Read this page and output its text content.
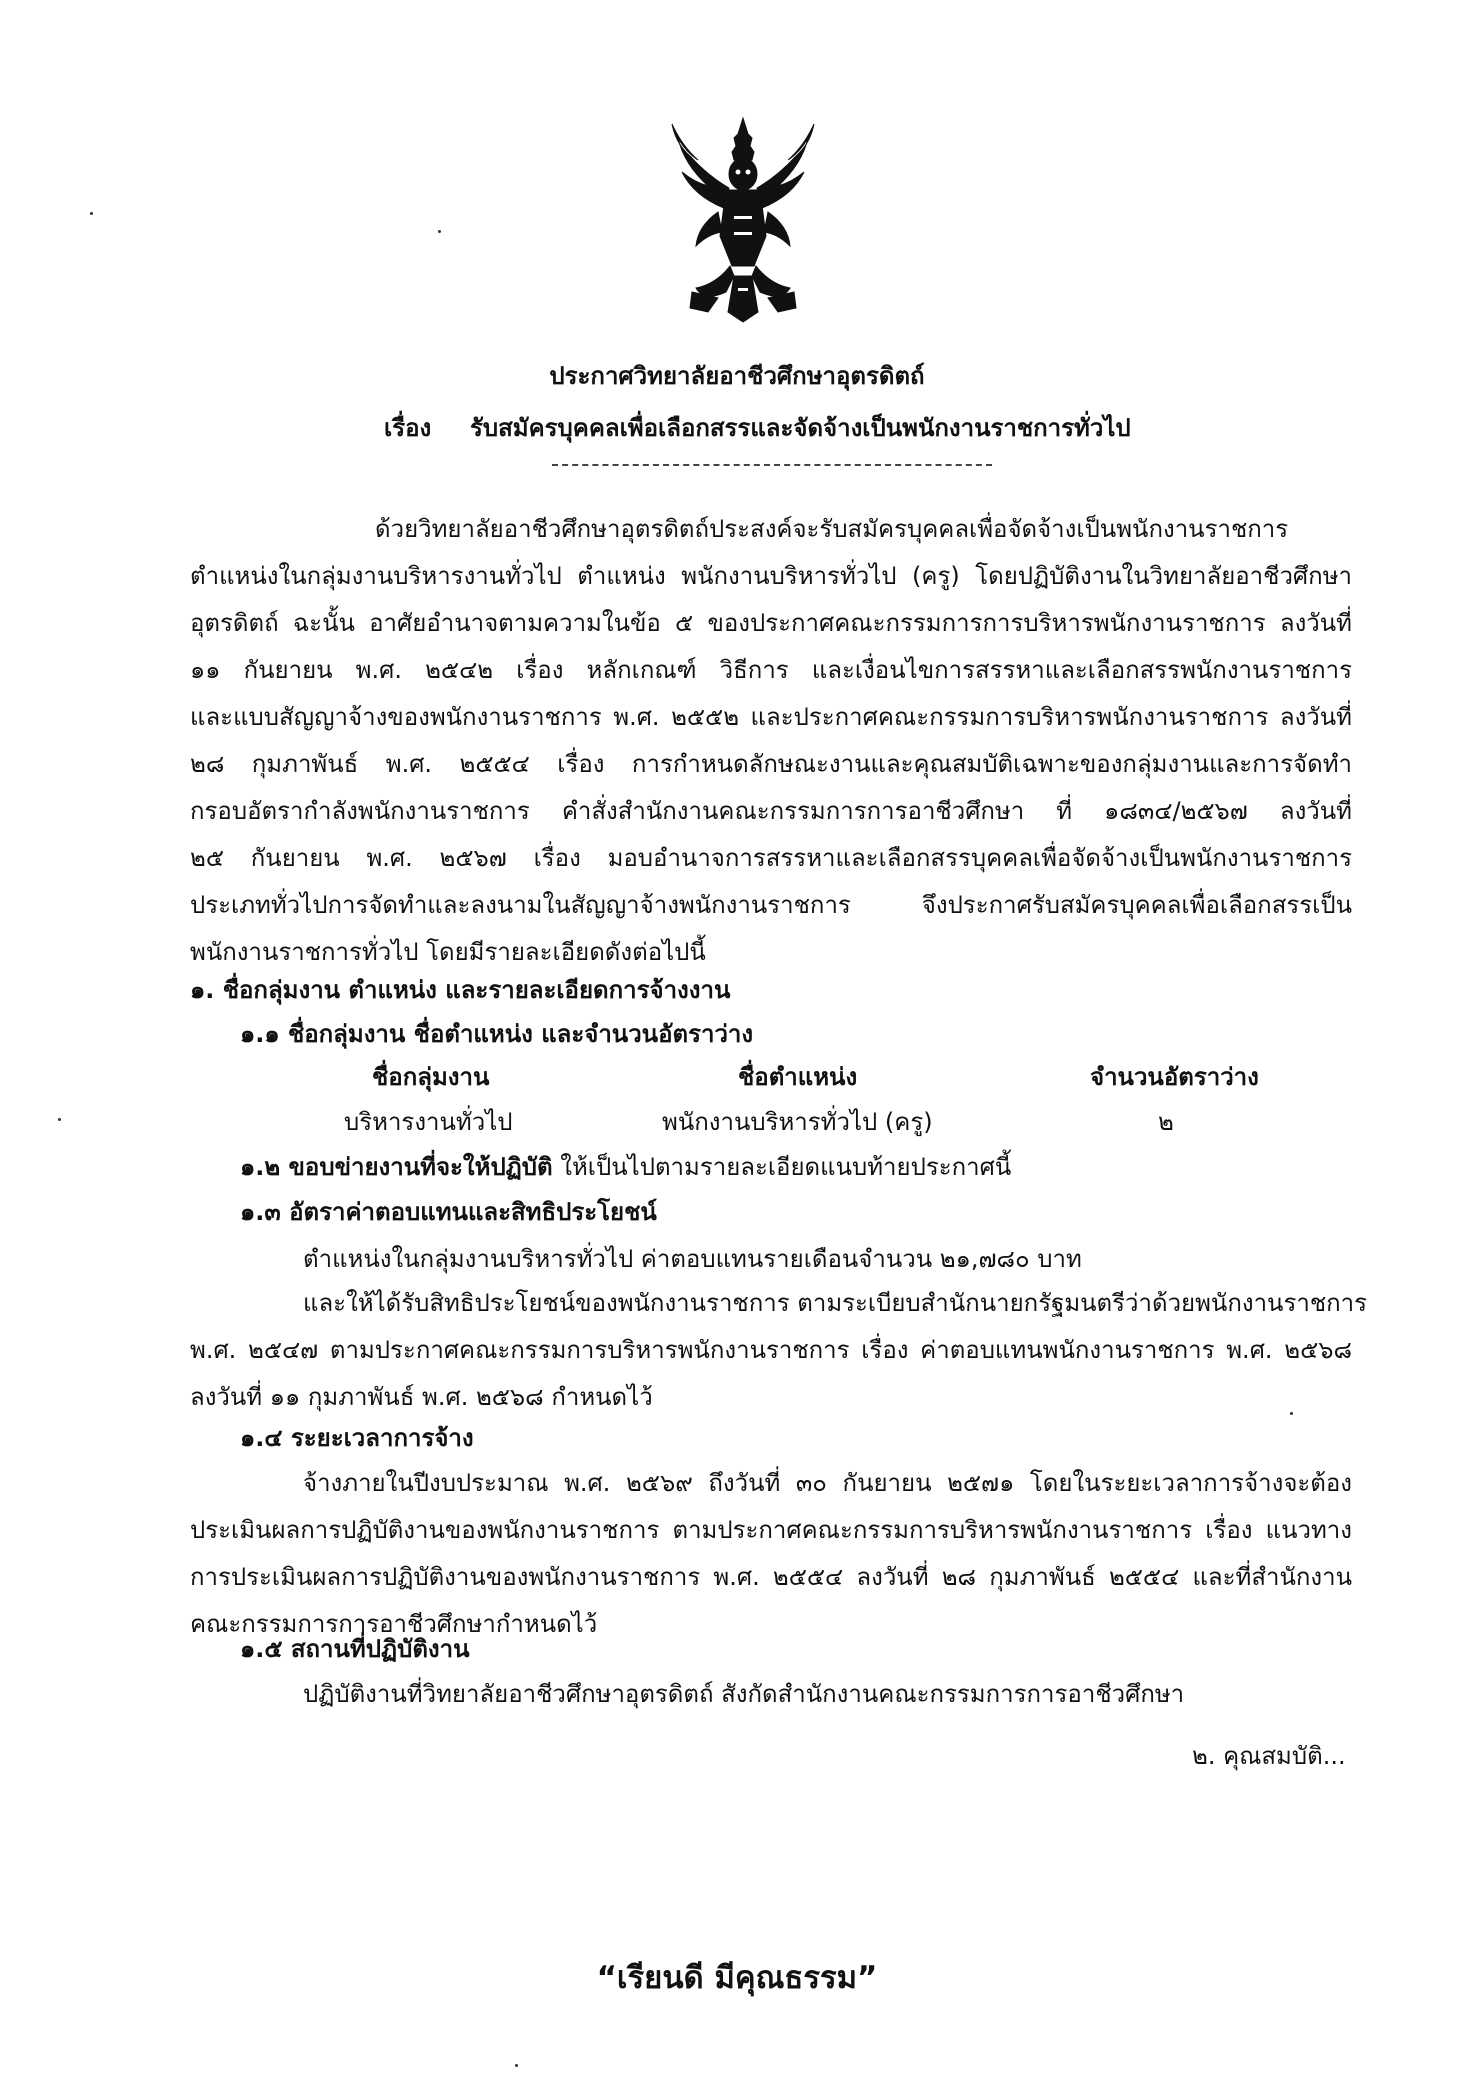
ประกาศวิทยาลัยอาชีวศึกษาอุตรดิตถ์
เรื่อง รับสมัครบุคคลเพื่อเลือกสรรและจัดจ้างเป็นพนักงานราชการทั่วไป

ด้วยวิทยาลัยอาชีวศึกษาอุตรดิตถ์ประสงค์จะรับสมัครบุคคลเพื่อจัดจ้างเป็นพนักงานราชการ

ตำแหน่งในกลุ่มงานบริหารงานทั่วไป ตำแหน่ง พนักงานบริหารทั่วไป (ครู) โดยปฏิบัติงานในวิทยาลัยอาชีวศึกษา

อุตรดิตถ์ ฉะนั้น อาศัยอำนาจตามความในข้อ ๕ ของประกาศคณะกรรมการการบริหารพนักงานราชการ ลงวันที่

๑๑ กันยายน พ.ศ. ๒๕๔๒ เรื่อง หลักเกณฑ์ วิธีการ และเงื่อนไขการสรรหาและเลือกสรรพนักงานราชการ

และแบบสัญญาจ้างของพนักงานราชการ พ.ศ. ๒๕๕๒ และประกาศคณะกรรมการบริหารพนักงานราชการ ลงวันที่

๒๘ กุมภาพันธ์ พ.ศ. ๒๕๕๔ เรื่อง การกำหนดลักษณะงานและคุณสมบัติเฉพาะของกลุ่มงานและการจัดทำ

กรอบอัตรากำลังพนักงานราชการ คำสั่งสำนักงานคณะกรรมการการอาชีวศึกษา ที่ ๑๘๓๔/๒๕๖๗ ลงวันที่

๒๕ กันยายน พ.ศ. ๒๕๖๗ เรื่อง มอบอำนาจการสรรหาและเลือกสรรบุคคลเพื่อจัดจ้างเป็นพนักงานราชการ

ประเภททั่วไปการจัดทำและลงนามในสัญญาจ้างพนักงานราชการ จึงประกาศรับสมัครบุคคลเพื่อเลือกสรรเป็น

พนักงานราชการทั่วไป โดยมีรายละเอียดดังต่อไปนี้

๑. ชื่อกลุ่มงาน ตำแหน่ง และรายละเอียดการจ้างงาน
๑.๑ ชื่อกลุ่มงาน ชื่อตำแหน่ง และจำนวนอัตราว่าง
ชื่อกลุ่มงาน	ชื่อตำแหน่ง	จำนวนอัตราว่าง
บริหารงานทั่วไป	พนักงานบริหารทั่วไป (ครู)	๒
๑.๒ ขอบข่ายงานที่จะให้ปฏิบัติ ให้เป็นไปตามรายละเอียดแนบท้ายประกาศนี้
๑.๓ อัตราค่าตอบแทนและสิทธิประโยชน์
ตำแหน่งในกลุ่มงานบริหารทั่วไป ค่าตอบแทนรายเดือนจำนวน ๒๑,๗๘๐ บาท

และให้ได้รับสิทธิประโยชน์ของพนักงานราชการ ตามระเบียบสำนักนายกรัฐมนตรีว่าด้วยพนักงานราชการ

พ.ศ. ๒๕๔๗ ตามประกาศคณะกรรมการบริหารพนักงานราชการ เรื่อง ค่าตอบแทนพนักงานราชการ พ.ศ. ๒๕๖๘

ลงวันที่ ๑๑ กุมภาพันธ์ พ.ศ. ๒๕๖๘ กำหนดไว้

๑.๔ ระยะเวลาการจ้าง

จ้างภายในปีงบประมาณ พ.ศ. ๒๕๖๙ ถึงวันที่ ๓๐ กันยายน ๒๕๗๑ โดยในระยะเวลาการจ้างจะต้อง

ประเมินผลการปฏิบัติงานของพนักงานราชการ ตามประกาศคณะกรรมการบริหารพนักงานราชการ เรื่อง แนวทาง

การประเมินผลการปฏิบัติงานของพนักงานราชการ พ.ศ. ๒๕๕๔ ลงวันที่ ๒๘ กุมภาพันธ์ ๒๕๕๔ และที่สำนักงาน

คณะกรรมการการอาชีวศึกษากำหนดไว้

๑.๕ สถานที่ปฏิบัติงาน
ปฏิบัติงานที่วิทยาลัยอาชีวศึกษาอุตรดิตถ์ สังกัดสำนักงานคณะกรรมการการอาชีวศึกษา
๒. คุณสมบัติ...
“เรียนดี มีคุณธรรม”
